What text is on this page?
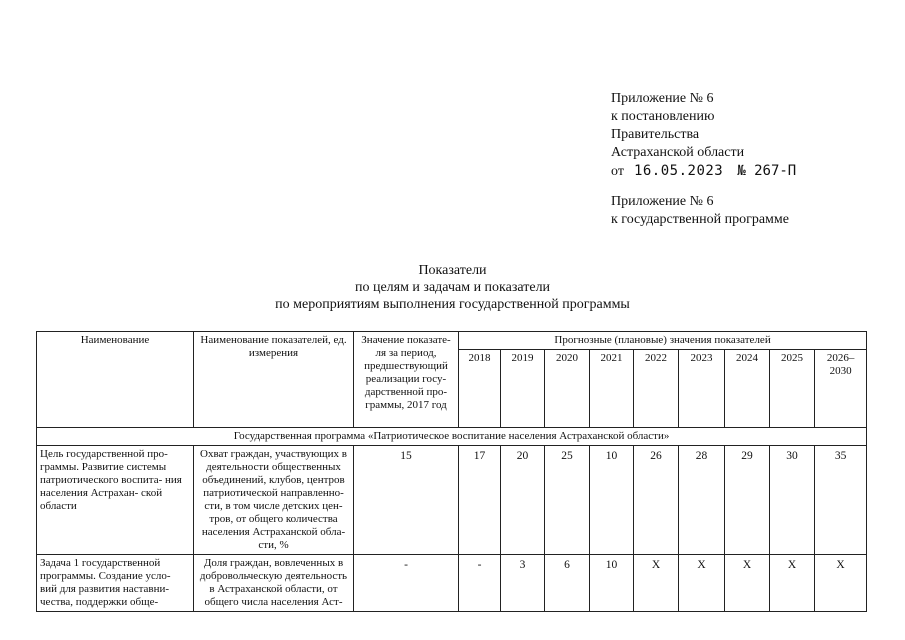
Приложение № 6
к постановлению
Правительства
Астраханской области
от 16.05.2023 № 267-П
Приложение № 6
к государственной программе
Показатели
по целям и задачам и показатели
по мероприятиям выполнения государственной программы
Наименование	Наименование показателей, ед. измерения	Значение показате- ля за период, предшествующий реализации госу- дарственной про- граммы, 2017 год	Прогнозные (плановые) значения показателей								
			2018	2019	2020	2021	2022	2023	2024	2025	2026– 2030
Государственная программа «Патриотическое воспитание населения Астраханской области»											
Цель государственной про- граммы. Развитие системы патриотического воспита- ния населения Астрахан- ской области	Охват граждан, участвующих в деятельности общественных объединений, клубов, центров патриотической направленно- сти, в том числе детских цен- тров, от общего количества населения Астраханской обла- сти, %	15	17	20	25	10	26	28	29	30	35
Задача 1 государственной программы. Создание усло- вий для развития наставни- чества, поддержки обще-	Доля граждан, вовлеченных в добровольческую деятельность в Астраханской области, от общего числа населения Аст-	-	-	3	6	10	Х	Х	Х	Х	Х
